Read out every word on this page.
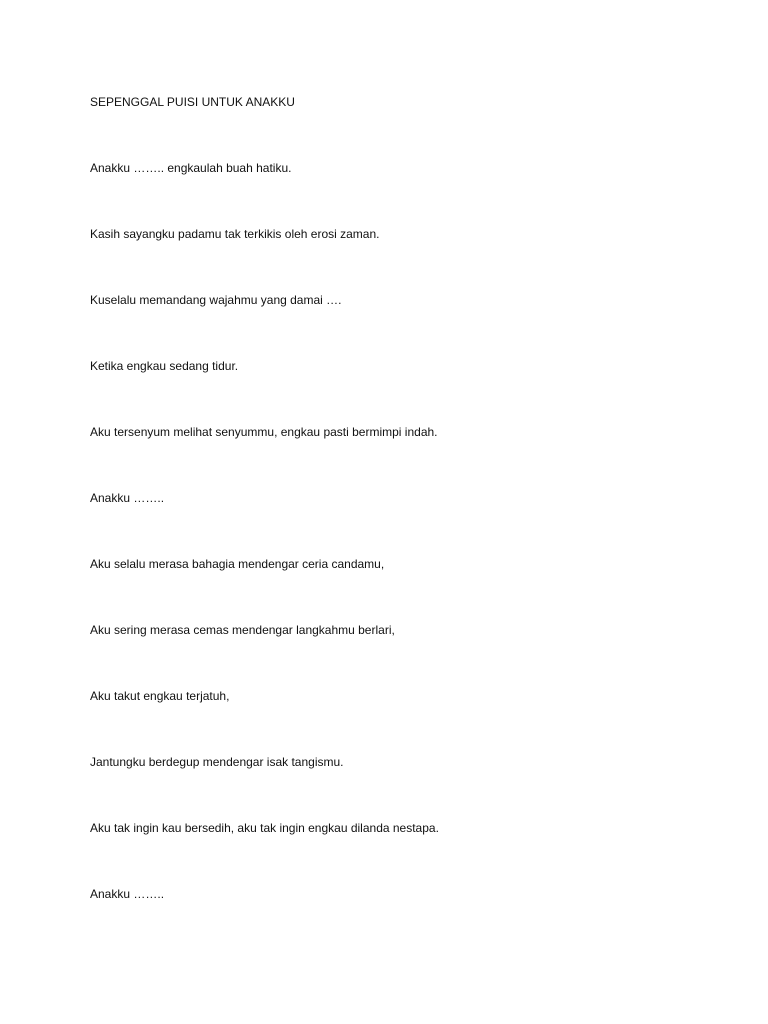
SEPENGGAL PUISI UNTUK ANAKKU

Anakku …….. engkaulah buah hatiku.

Kasih sayangku padamu tak terkikis oleh erosi zaman.

Kuselalu memandang wajahmu yang damai ….

Ketika engkau sedang tidur.

Aku tersenyum melihat senyummu, engkau pasti bermimpi indah.

Anakku ……..

Aku selalu merasa bahagia mendengar ceria candamu,

Aku sering merasa cemas mendengar langkahmu berlari,

Aku takut engkau terjatuh,

Jantungku berdegup mendengar isak tangismu.

Aku tak ingin kau bersedih, aku tak ingin engkau dilanda nestapa.

Anakku ……..
